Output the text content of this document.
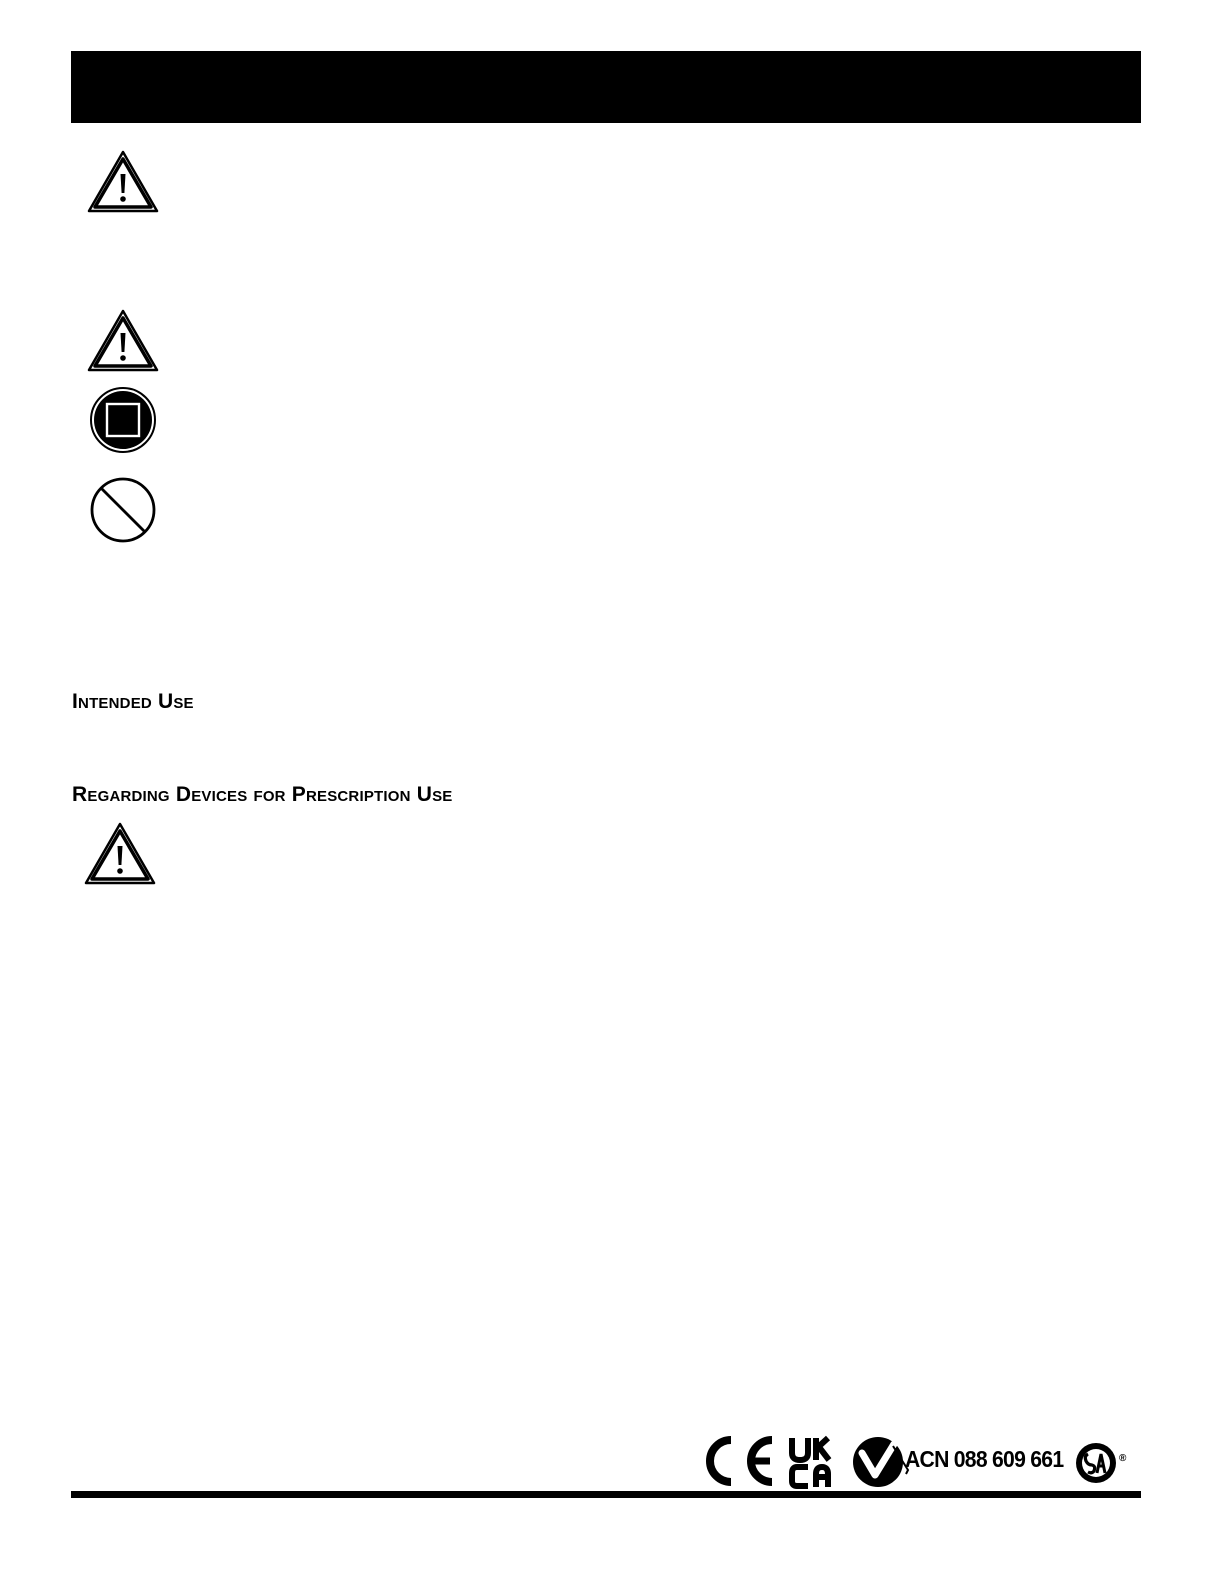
Intended Use
Regarding Devices for Prescription Use
ACN 088 609 661	®
